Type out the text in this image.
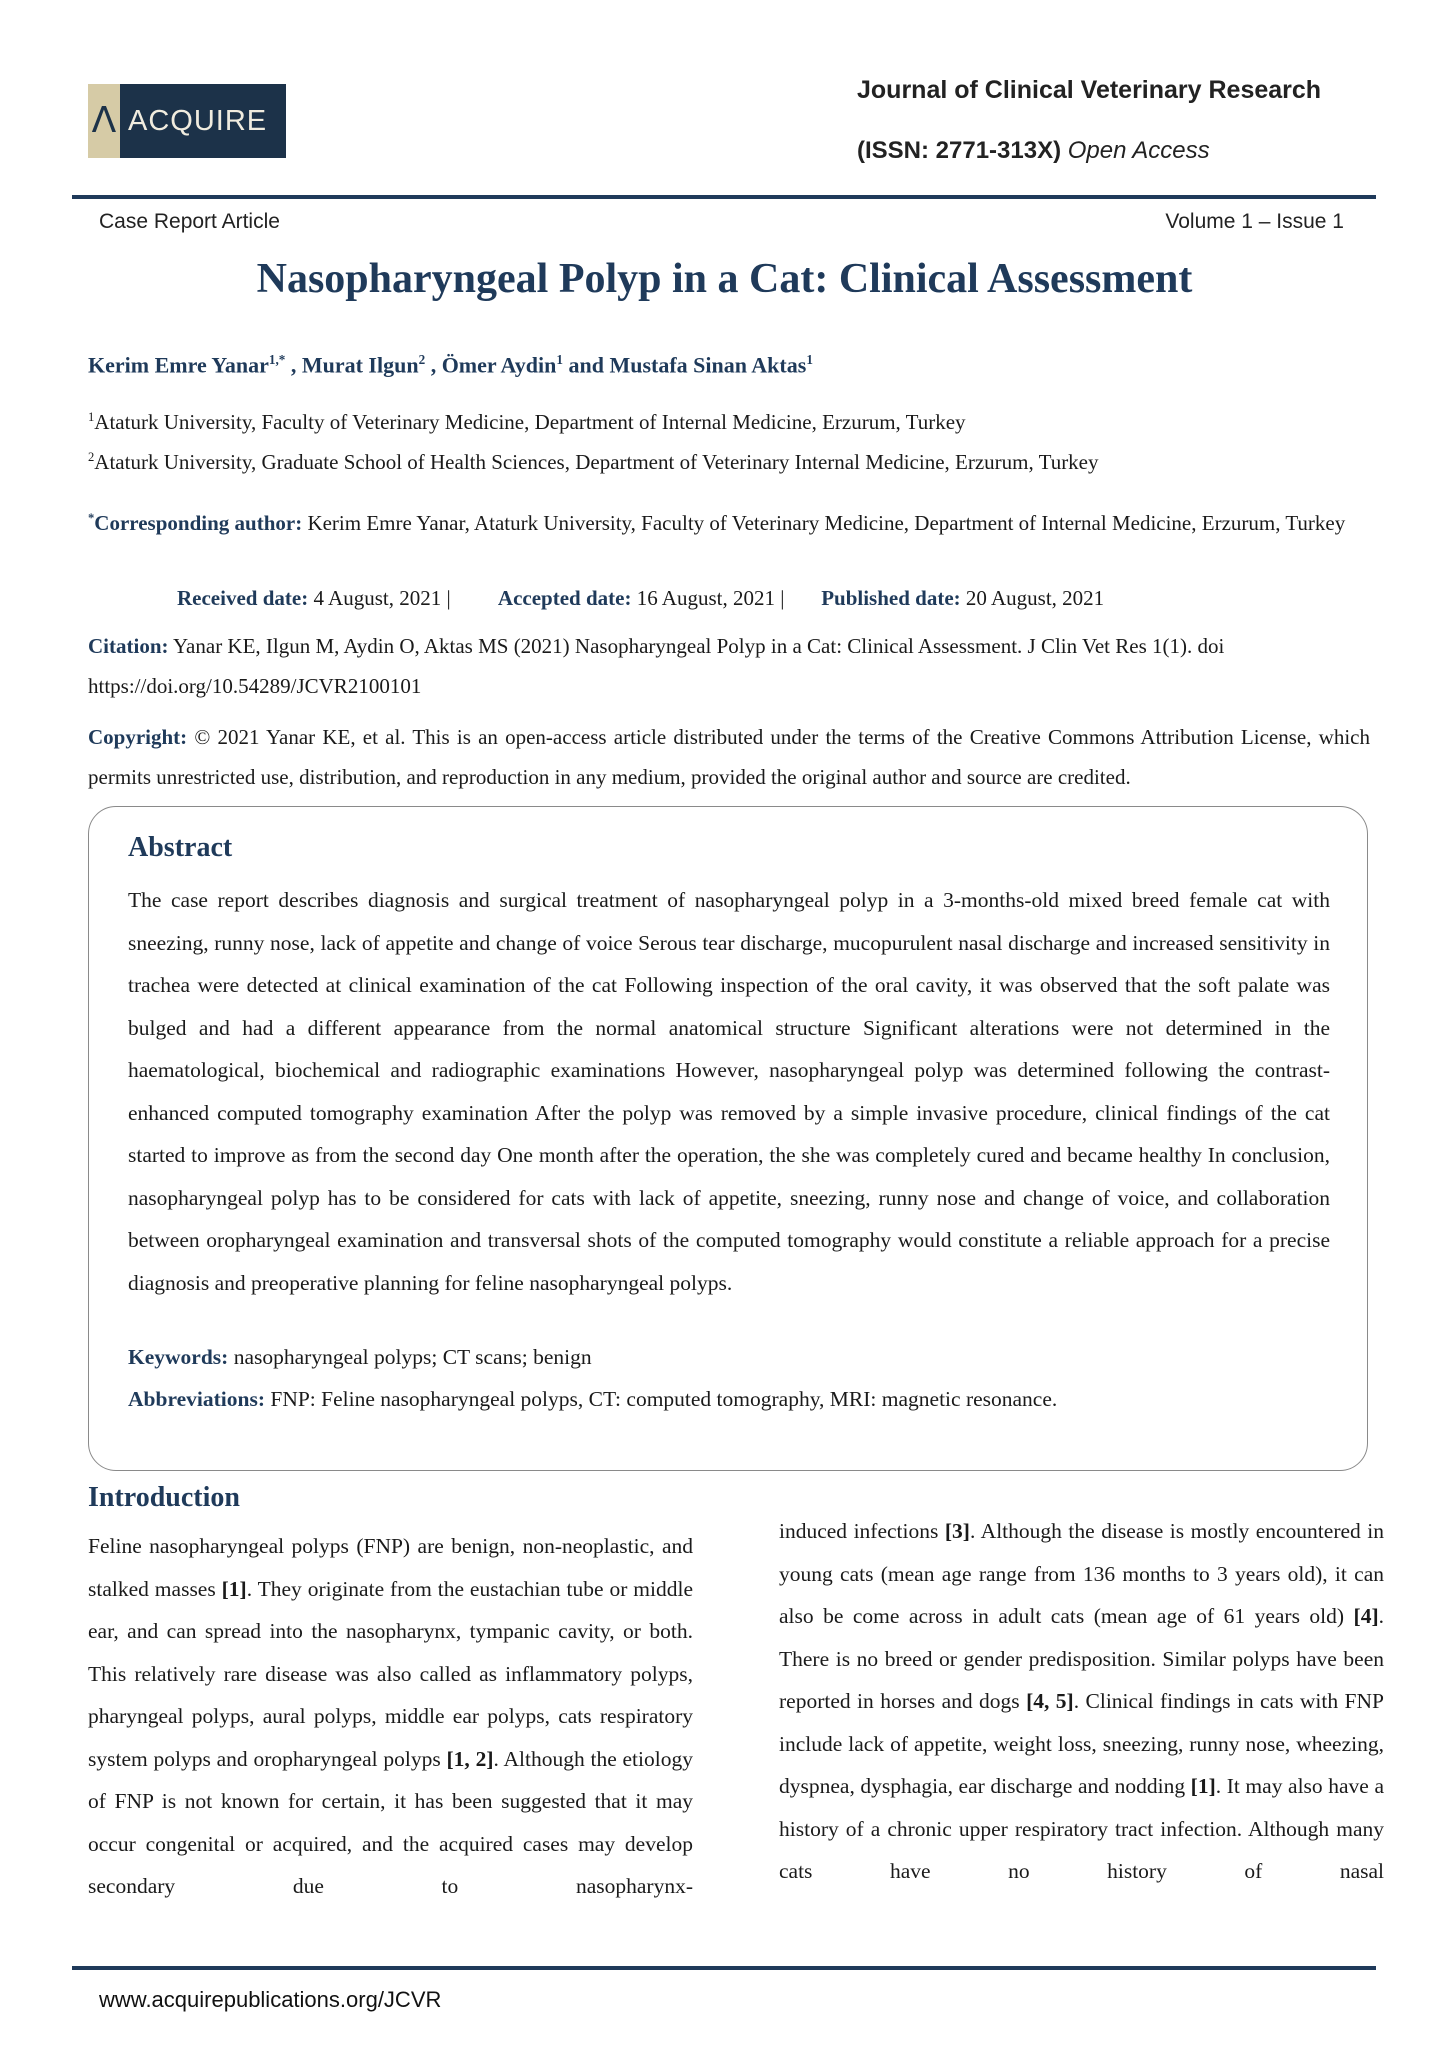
Λ ACQUIRE
Journal of Clinical Veterinary Research
(ISSN: 2771-313X) Open Access
Case Report Article	Volume 1 – Issue 1
Nasopharyngeal Polyp in a Cat: Clinical Assessment
Kerim Emre Yanar$^{1,*}$ , Murat Ilgun$^2$ , Ömer Aydin$^1$ and Mustafa Sinan Aktas$^1$
$^1$Ataturk University, Faculty of Veterinary Medicine, Department of Internal Medicine, Erzurum, Turkey
$^2$Ataturk University, Graduate School of Health Sciences, Department of Veterinary Internal Medicine, Erzurum, Turkey
*Corresponding author: Kerim Emre Yanar, Ataturk University, Faculty of Veterinary Medicine, Department of Internal Medicine, Erzurum, Turkey
Received date: 4 August, 2021 | Accepted date: 16 August, 2021 | Published date: 20 August, 2021
Citation: Yanar KE, Ilgun M, Aydin O, Aktas MS (2021) Nasopharyngeal Polyp in a Cat: Clinical Assessment. J Clin Vet Res 1(1). doi https://doi.org/10.54289/JCVR2100101
Copyright: © 2021 Yanar KE, et al. This is an open-access article distributed under the terms of the Creative Commons Attribution License, which permits unrestricted use, distribution, and reproduction in any medium, provided the original author and source are credited.
Abstract
The case report describes diagnosis and surgical treatment of nasopharyngeal polyp in a 3-months-old mixed breed female cat with sneezing, runny nose, lack of appetite and change of voice Serous tear discharge, mucopurulent nasal discharge and increased sensitivity in trachea were detected at clinical examination of the cat Following inspection of the oral cavity, it was observed that the soft palate was bulged and had a different appearance from the normal anatomical structure Significant alterations were not determined in the haematological, biochemical and radiographic examinations However, nasopharyngeal polyp was determined following the contrast-enhanced computed tomography examination After the polyp was removed by a simple invasive procedure, clinical findings of the cat started to improve as from the second day One month after the operation, the she was completely cured and became healthy In conclusion, nasopharyngeal polyp has to be considered for cats with lack of appetite, sneezing, runny nose and change of voice, and collaboration between oropharyngeal examination and transversal shots of the computed tomography would constitute a reliable approach for a precise diagnosis and preoperative planning for feline nasopharyngeal polyps.
Keywords: nasopharyngeal polyps; CT scans; benign
Abbreviations: FNP: Feline nasopharyngeal polyps, CT: computed tomography, MRI: magnetic resonance.
Introduction
Feline nasopharyngeal polyps (FNP) are benign, non-neoplastic, and stalked masses [1]. They originate from the eustachian tube or middle ear, and can spread into the nasopharynx, tympanic cavity, or both. This relatively rare disease was also called as inflammatory polyps, pharyngeal polyps, aural polyps, middle ear polyps, cats respiratory system polyps and oropharyngeal polyps [1, 2]. Although the etiology of FNP is not known for certain, it has been suggested that it may occur congenital or acquired, and the acquired cases may develop secondary due to nasopharynx-
induced infections [3]. Although the disease is mostly encountered in young cats (mean age range from 136 months to 3 years old), it can also be come across in adult cats (mean age of 61 years old) [4]. There is no breed or gender predisposition. Similar polyps have been reported in horses and dogs [4, 5]. Clinical findings in cats with FNP include lack of appetite, weight loss, sneezing, runny nose, wheezing, dyspnea, dysphagia, ear discharge and nodding [1]. It may also have a history of a chronic upper respiratory tract infection. Although many cats have no history of nasal
www.acquirepublications.org/JCVR
